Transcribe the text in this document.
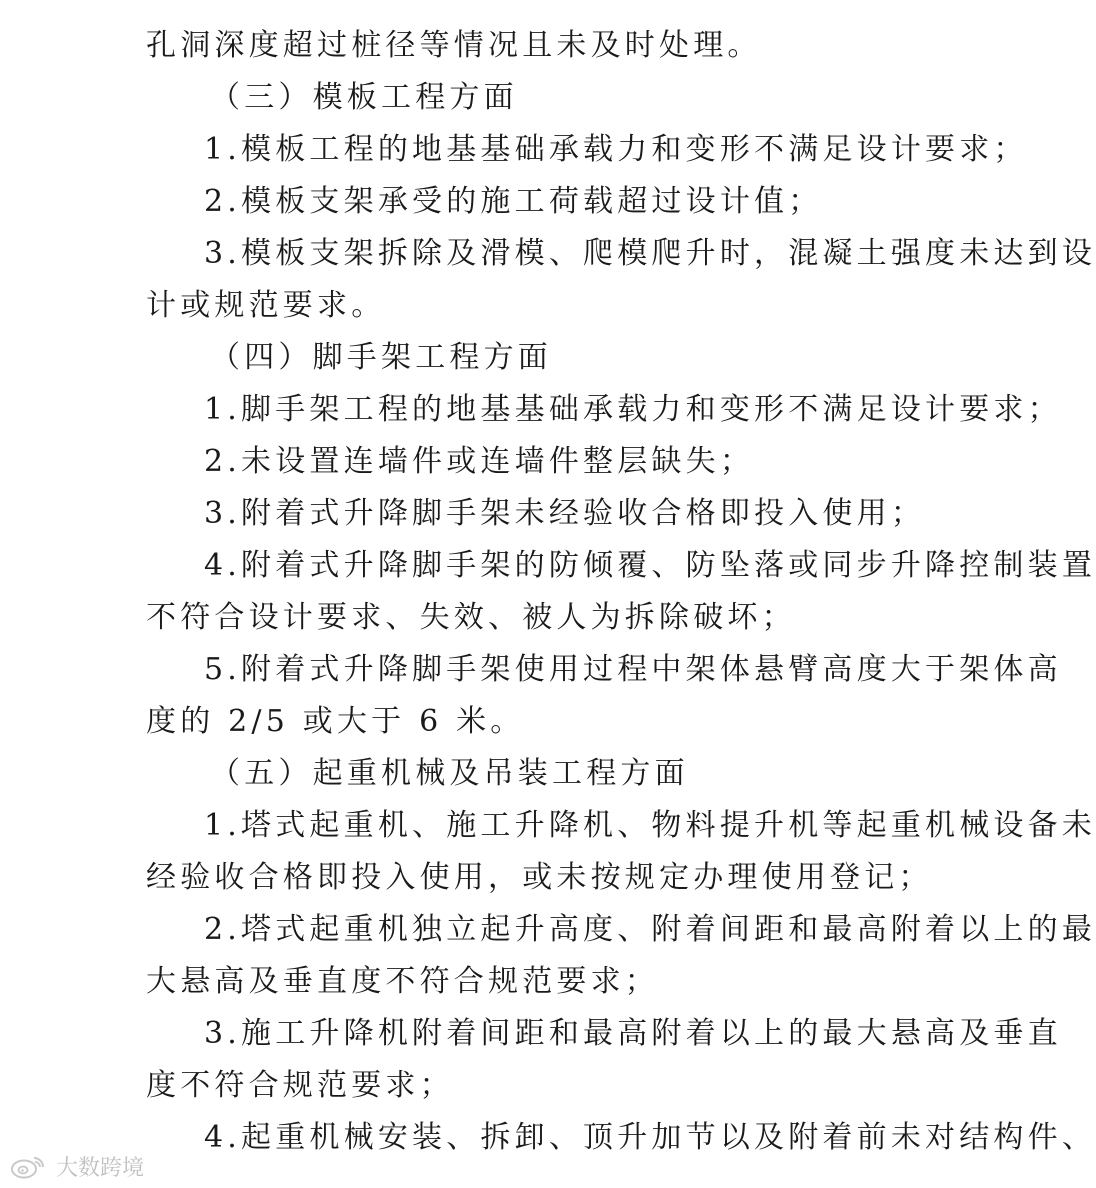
孔洞深度超过桩径等情况且未及时处理。
（三）模板工程方面
1.模板工程的地基基础承载力和变形不满足设计要求；
2.模板支架承受的施工荷载超过设计值；
3.模板支架拆除及滑模、爬模爬升时，混凝土强度未达到设
计或规范要求。
（四）脚手架工程方面
1.脚手架工程的地基基础承载力和变形不满足设计要求；
2.未设置连墙件或连墙件整层缺失；
3.附着式升降脚手架未经验收合格即投入使用；
4.附着式升降脚手架的防倾覆、防坠落或同步升降控制装置
不符合设计要求、失效、被人为拆除破坏；
5.附着式升降脚手架使用过程中架体悬臂高度大于架体高
度的 2/5 或大于 6 米。
（五）起重机械及吊装工程方面
1.塔式起重机、施工升降机、物料提升机等起重机械设备未
经验收合格即投入使用，或未按规定办理使用登记；
2.塔式起重机独立起升高度、附着间距和最高附着以上的最
大悬高及垂直度不符合规范要求；
3.施工升降机附着间距和最高附着以上的最大悬高及垂直
度不符合规范要求；
4.起重机械安装、拆卸、顶升加节以及附着前未对结构件、
大数跨境
